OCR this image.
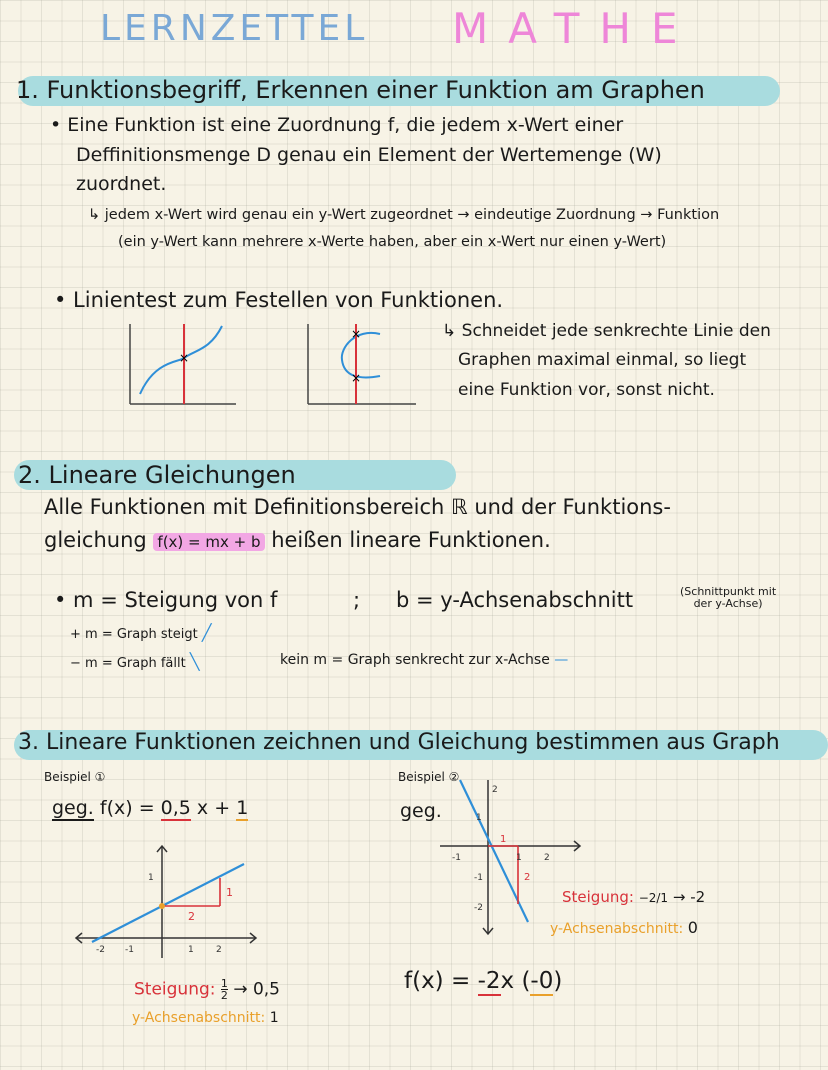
LERNZETTEL MATHE
1. Funktionsbegriff, Erkennen einer Funktion am Graphen
• Eine Funktion ist eine Zuordnung f, die jedem x-Wert einer
Deffinitionsmenge D genau ein Element der Wertemenge (W)
zuordnet.
↳ jedem x-Wert wird genau ein y-Wert zugeordnet → eindeutige Zuordnung → Funktion
(ein y-Wert kann mehrere x-Werte haben, aber ein x-Wert nur einen y-Wert)
• Linientest zum Festellen von Funktionen.
×
×
×
↳ Schneidet jede senkrechte Linie den
Graphen maximal einmal, so liegt
eine Funktion vor, sonst nicht.
2. Lineare Gleichungen
Alle Funktionen mit Definitionsbereich ℝ und der Funktions-
gleichung f(x) = mx + b heißen lineare Funktionen.
• m = Steigung von f	; b = y-Achsenabschnitt	(Schnittpunkt mit
der y-Achse)
+ m = Graph steigt ╱
− m = Graph fällt ╲	kein m = Graph senkrecht zur x-Achse —
3. Lineare Funktionen zeichnen und Gleichung bestimmen aus Graph
Beispiel ①
geg. f(x) = 0,5 x + 1
-2 -1	1 2
1
2
1
Steigung: $\frac{1}{2} \to 0,5$
y-Achsenabschnitt: 1
Beispiel ②
geg.
2
1
-1
-2
-1	1 2
1
2
Steigung: −2/1 → -2
y-Achsenabschnitt: 0
f(x) = -2x (-0)
